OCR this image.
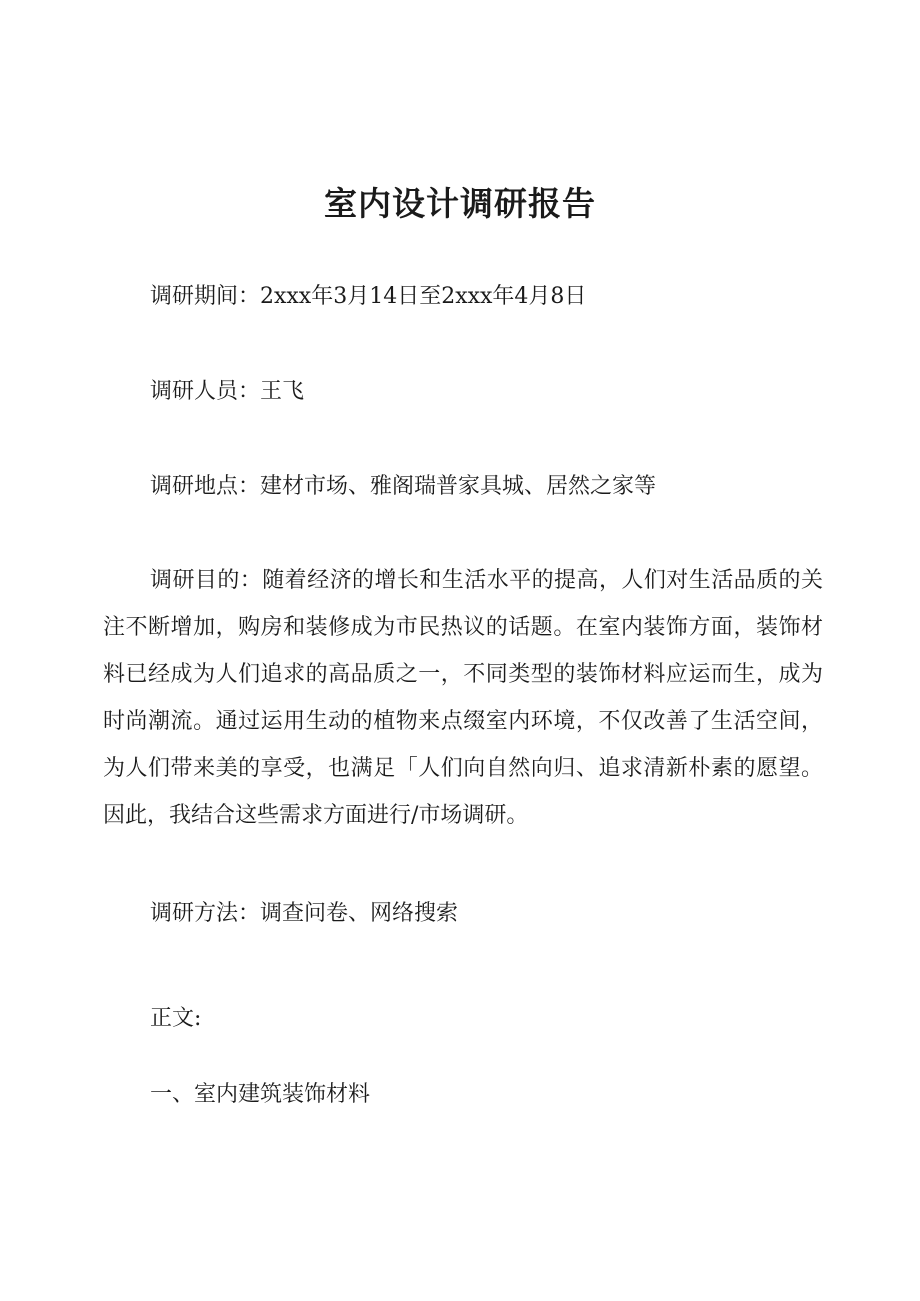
室内设计调研报告

调研期间：2xxx年3月14日至2xxx年4月8日

调研人员：王飞

调研地点：建材市场、雅阁瑞普家具城、居然之家等

调研目的：随着经济的增长和生活水平的提高，人们对生活品质的关注不断增加，购房和装修成为市民热议的话题。在室内装饰方面，装饰材料已经成为人们追求的高品质之一，不同类型的装饰材料应运而生，成为时尚潮流。通过运用生动的植物来点缀室内环境，不仅改善了生活空间，为人们带来美的享受，也满足「人们向自然向归、追求清新朴素的愿望。因此，我结合这些需求方面进行/市场调研。

调研方法：调查问卷、网络搜索

正文:

一、室内建筑装饰材料
